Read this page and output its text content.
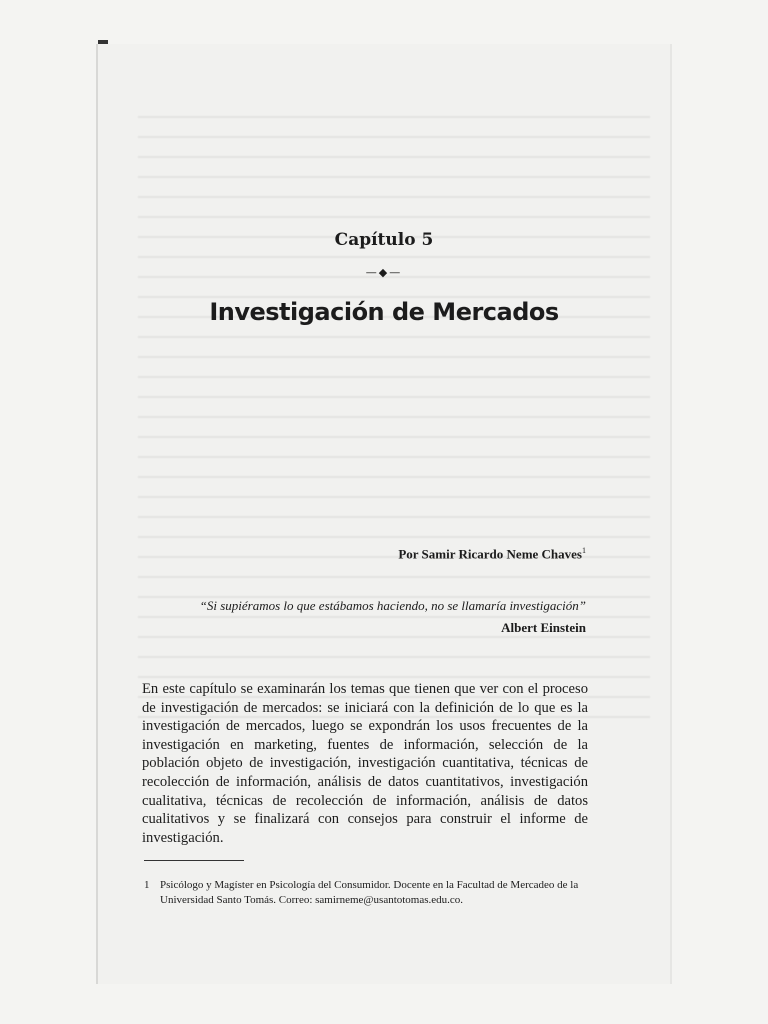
Capítulo 5
—◆—
Investigación de Mercados
Por Samir Ricardo Neme Chaves$^1$
“Si supiéramos lo que estábamos haciendo, no se llamaría investigación”
Albert Einstein
En este capítulo se examinarán los temas que tienen que ver con el proceso de investigación de mercados: se iniciará con la definición de lo que es la investigación de mercados, luego se expondrán los usos frecuentes de la investigación en marketing, fuentes de información, selección de la población objeto de investigación, investigación cuantitativa, técnicas de recolección de información, análisis de datos cuantitativos, investigación cualitativa, técnicas de recolección de información, análisis de datos cualitativos y se finalizará con consejos para construir el informe de investigación.
1 Psicólogo y Magíster en Psicología del Consumidor. Docente en la Facultad de Mercadeo de la Universidad Santo Tomás. Correo: samirneme@usantotomas.edu.co.
